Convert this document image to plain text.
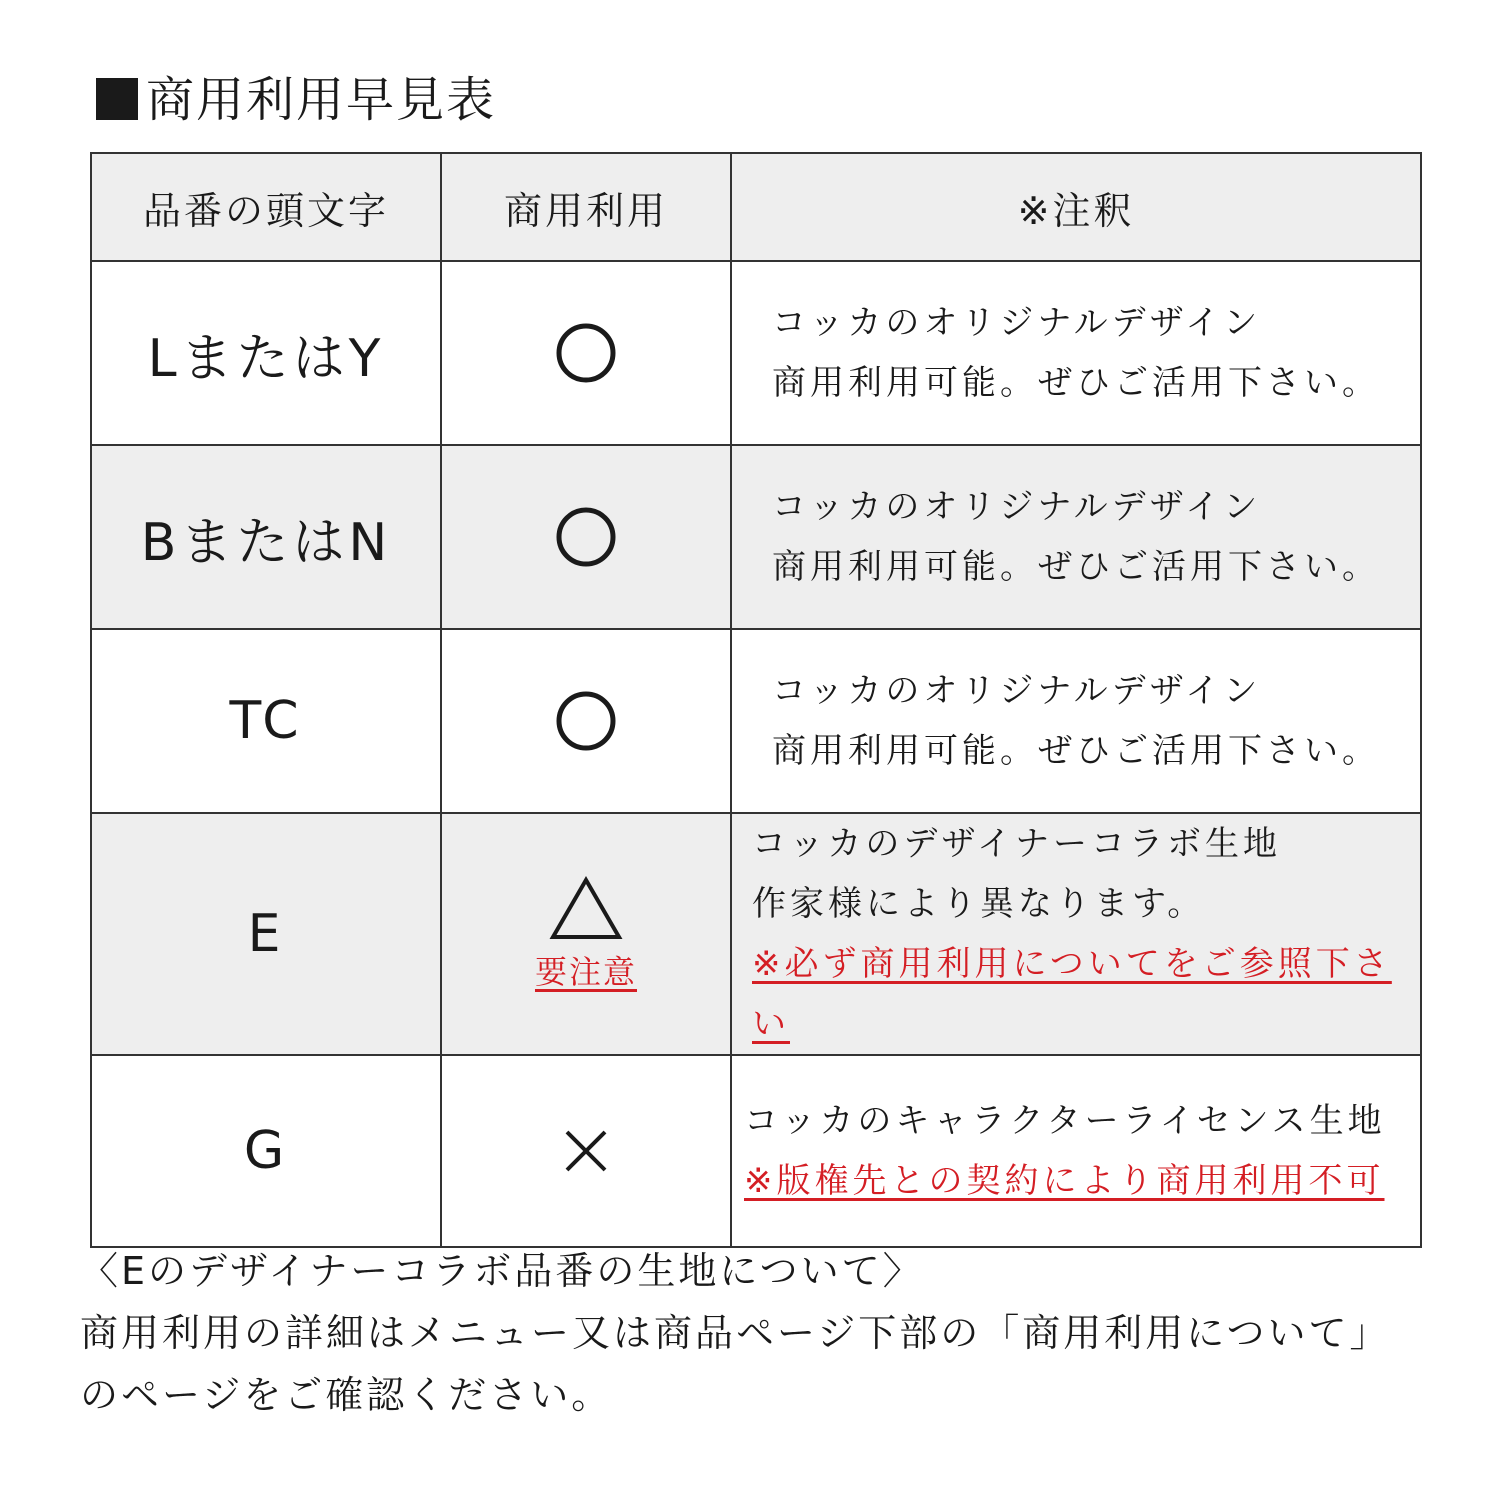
商用利用早見表
品番の頭文字	商用利用	※注釈
LまたはY		コッカのオリジナルデザイン
商用利用可能。ぜひご活用下さい。

BまたはN		コッカのオリジナルデザイン
商用利用可能。ぜひご活用下さい。

TC		コッカのオリジナルデザイン
商用利用可能。ぜひご活用下さい。

E	要注意	コッカのデザイナーコラボ生地
作家様により異なります。
※必ず商用利用についてをご参照下さい

G		コッカのキャラクターライセンス生地
※版権先との契約により商用利用不可
〈Eのデザイナーコラボ品番の生地について〉
商用利用の詳細はメニュー又は商品ページ下部の「商用利用について」
のページをご確認ください。
